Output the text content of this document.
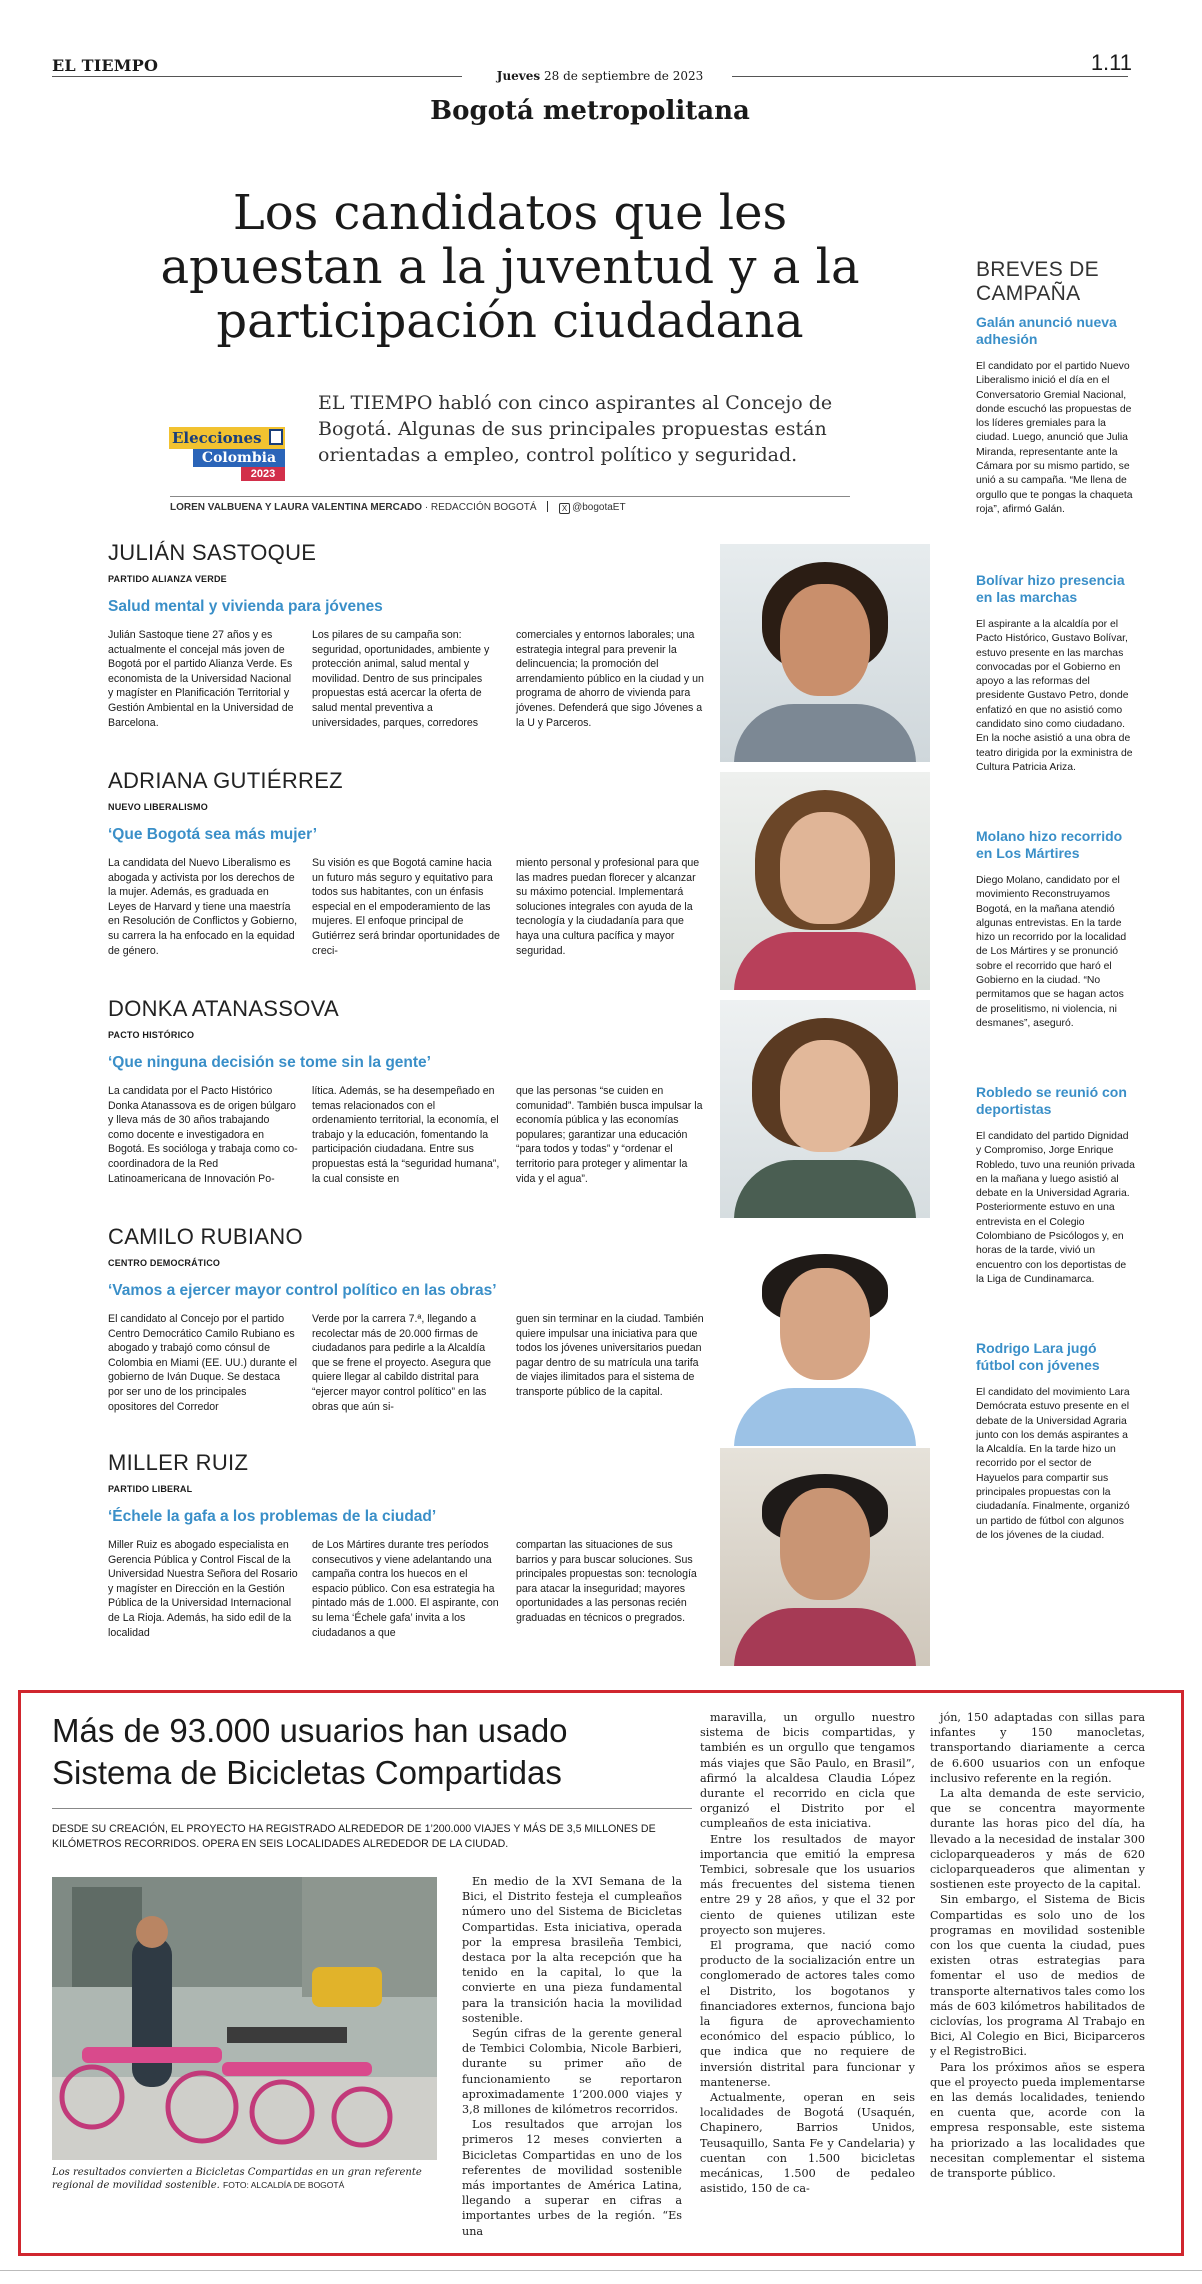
EL TIEMPO
Jueves 28 de septiembre de 2023
1.11
Bogotá metropolitana
Los candidatos que les apuestan a la juventud y a la participación ciudadana
Elecciones
Colombia
2023

EL TIEMPO habló con cinco aspirantes al Concejo de Bogotá. Algunas de sus principales propuestas están orientadas a empleo, control político y seguridad.

LOREN VALBUENA Y LAURA VALENTINA MERCADO · REDACCIÓN BOGOTÁ	X @bogotaET
JULIÁN SASTOQUE
PARTIDO ALIANZA VERDE
Salud mental y vivienda para jóvenes

Julián Sastoque tiene 27 años y es actualmente el concejal más joven de Bogotá por el partido Alianza Verde. Es economista de la Universidad Nacional y magíster en Planificación Territorial y Gestión Ambiental en la Universidad de Barcelona.

Los pilares de su campaña son: seguridad, oportunidades, ambiente y protección animal, salud mental y movilidad. Dentro de sus principales propuestas está acercar la oferta de salud mental preventiva a universidades, parques, corredores

comerciales y entornos laborales; una estrategia integral para prevenir la delincuencia; la promoción del arrendamiento público en la ciudad y un programa de ahorro de vivienda para jóvenes. Defenderá que sigo Jóvenes a la U y Parceros.

ADRIANA GUTIÉRREZ
NUEVO LIBERALISMO
‘Que Bogotá sea más mujer’

La candidata del Nuevo Liberalismo es abogada y activista por los derechos de la mujer. Además, es graduada en Leyes de Harvard y tiene una maestría en Resolución de Conflictos y Gobierno, su carrera la ha enfocado en la equidad de género.

Su visión es que Bogotá camine hacia un futuro más seguro y equitativo para todos sus habitantes, con un énfasis especial en el empoderamiento de las mujeres. El enfoque principal de Gutiérrez será brindar oportunidades de creci-

miento personal y profesional para que las madres puedan florecer y alcanzar su máximo potencial. Implementará soluciones integrales con ayuda de la tecnología y la ciudadanía para que haya una cultura pacífica y mayor seguridad.

DONKA ATANASSOVA
PACTO HISTÓRICO
‘Que ninguna decisión se tome sin la gente’

La candidata por el Pacto Histórico Donka Atanassova es de origen búlgaro y lleva más de 30 años trabajando como docente e investigadora en Bogotá. Es socióloga y trabaja como co-coordinadora de la Red Latinoamericana de Innovación Po-

lítica. Además, se ha desempeñado en temas relacionados con el ordenamiento territorial, la economía, el trabajo y la educación, fomentando la participación ciudadana. Entre sus propuestas está la “seguridad humana”, la cual consiste en

que las personas “se cuiden en comunidad”. También busca impulsar la economía pública y las economías populares; garantizar una educación “para todos y todas” y “ordenar el territorio para proteger y alimentar la vida y el agua”.

CAMILO RUBIANO
CENTRO DEMOCRÁTICO
‘Vamos a ejercer mayor control político en las obras’

El candidato al Concejo por el partido Centro Democrático Camilo Rubiano es abogado y trabajó como cónsul de Colombia en Miami (EE. UU.) durante el gobierno de Iván Duque. Se destaca por ser uno de los principales opositores del Corredor

Verde por la carrera 7.ª, llegando a recolectar más de 20.000 firmas de ciudadanos para pedirle a la Alcaldía que se frene el proyecto. Asegura que quiere llegar al cabildo distrital para “ejercer mayor control político” en las obras que aún si-

guen sin terminar en la ciudad. También quiere impulsar una iniciativa para que todos los jóvenes universitarios puedan pagar dentro de su matrícula una tarifa de viajes ilimitados para el sistema de transporte público de la capital.

MILLER RUIZ
PARTIDO LIBERAL
‘Échele la gafa a los problemas de la ciudad’

Miller Ruiz es abogado especialista en Gerencia Pública y Control Fiscal de la Universidad Nuestra Señora del Rosario y magíster en Dirección en la Gestión Pública de la Universidad Internacional de La Rioja. Además, ha sido edil de la localidad

de Los Mártires durante tres períodos consecutivos y viene adelantando una campaña contra los huecos en el espacio público. Con esa estrategia ha pintado más de 1.000. El aspirante, con su lema ‘Échele gafa’ invita a los ciudadanos a que

compartan las situaciones de sus barrios y para buscar soluciones. Sus principales propuestas son: tecnología para atacar la inseguridad; mayores oportunidades a las personas recién graduadas en técnicos o pregrados.

BREVES DE CAMPAÑA
Galán anunció nueva adhesión

El candidato por el partido Nuevo Liberalismo inició el día en el Conversatorio Gremial Nacional, donde escuchó las propuestas de los líderes gremiales para la ciudad. Luego, anunció que Julia Miranda, representante ante la Cámara por su mismo partido, se unió a su campaña. “Me llena de orgullo que te pongas la chaqueta roja”, afirmó Galán.

Bolívar hizo presencia en las marchas

El aspirante a la alcaldía por el Pacto Histórico, Gustavo Bolívar, estuvo presente en las marchas convocadas por el Gobierno en apoyo a las reformas del presidente Gustavo Petro, donde enfatizó en que no asistió como candidato sino como ciudadano. En la noche asistió a una obra de teatro dirigida por la exministra de Cultura Patricia Ariza.

Molano hizo recorrido en Los Mártires

Diego Molano, candidato por el movimiento Reconstruyamos Bogotá, en la mañana atendió algunas entrevistas. En la tarde hizo un recorrido por la localidad de Los Mártires y se pronunció sobre el recorrido que haró el Gobierno en la ciudad. “No permitamos que se hagan actos de proselitismo, ni violencia, ni desmanes”, aseguró.

Robledo se reunió con deportistas

El candidato del partido Dignidad y Compromiso, Jorge Enrique Robledo, tuvo una reunión privada en la mañana y luego asistió al debate en la Universidad Agraria. Posteriormente estuvo en una entrevista en el Colegio Colombiano de Psicólogos y, en horas de la tarde, vivió un encuentro con los deportistas de la Liga de Cundinamarca.

Rodrigo Lara jugó fútbol con jóvenes

El candidato del movimiento Lara Demócrata estuvo presente en el debate de la Universidad Agraria junto con los demás aspirantes a la Alcaldía. En la tarde hizo un recorrido por el sector de Hayuelos para compartir sus principales propuestas con la ciudadanía. Finalmente, organizó un partido de fútbol con algunos de los jóvenes de la ciudad.

Más de 93.000 usuarios han usado Sistema de Bicicletas Compartidas

DESDE SU CREACIÓN, EL PROYECTO HA REGISTRADO ALREDEDOR DE 1’200.000 VIAJES Y MÁS DE 3,5 MILLONES DE KILÓMETROS RECORRIDOS. OPERA EN SEIS LOCALIDADES ALREDEDOR DE LA CIUDAD.

Los resultados convierten a Bicicletas Compartidas en un gran referente regional de movilidad sostenible. FOTO: ALCALDÍA DE BOGOTÁ

En medio de la XVI Semana de la Bici, el Distrito festeja el cumpleaños número uno del Sistema de Bicicletas Compartidas. Esta iniciativa, operada por la empresa brasileña Tembici, destaca por la alta recepción que ha tenido en la capital, lo que la convierte en una pieza fundamental para la transición hacia la movilidad sostenible.

Según cifras de la gerente general de Tembici Colombia, Nicole Barbieri, durante su primer año de funcionamiento se reportaron aproximadamente 1’200.000 viajes y 3,8 millones de kilómetros recorridos.

Los resultados que arrojan los primeros 12 meses convierten a Bicicletas Compartidas en uno de los referentes de movilidad sostenible más importantes de América Latina, llegando a superar en cifras a importantes urbes de la región. “Es una

maravilla, un orgullo nuestro sistema de bicis compartidas, y también es un orgullo que tengamos más viajes que São Paulo, en Brasil”, afirmó la alcaldesa Claudia López durante el recorrido en cicla que organizó el Distrito por el cumpleaños de esta iniciativa.

Entre los resultados de mayor importancia que emitió la empresa Tembici, sobresale que los usuarios más frecuentes del sistema tienen entre 29 y 28 años, y que el 32 por ciento de quienes utilizan este proyecto son mujeres.

El programa, que nació como producto de la socialización entre un conglomerado de actores tales como el Distrito, los bogotanos y financiadores externos, funciona bajo la figura de aprovechamiento económico del espacio público, lo que indica que no requiere de inversión distrital para funcionar y mantenerse.

Actualmente, operan en seis localidades de Bogotá (Usaquén, Chapinero, Barrios Unidos, Teusaquillo, Santa Fe y Candelaria) y cuentan con 1.500 bicicletas mecánicas, 1.500 de pedaleo asistido, 150 de ca-

jón, 150 adaptadas con sillas para infantes y 150 manocletas, transportando diariamente a cerca de 6.600 usuarios con un enfoque inclusivo referente en la región.

La alta demanda de este servicio, que se concentra mayormente durante las horas pico del día, ha llevado a la necesidad de instalar 300 cicloparqueaderos y más de 620 cicloparqueaderos que alimentan y sostienen este proyecto de la capital.

Sin embargo, el Sistema de Bicis Compartidas es solo uno de los programas en movilidad sostenible con los que cuenta la ciudad, pues existen otras estrategias para fomentar el uso de medios de transporte alternativos tales como los más de 603 kilómetros habilitados de ciclovías, los programa Al Trabajo en Bici, Al Colegio en Bici, Biciparceros y el RegistroBici.

Para los próximos años se espera que el proyecto pueda implementarse en las demás localidades, teniendo en cuenta que, acorde con la empresa responsable, este sistema ha priorizado a las localidades que necesitan complementar el sistema de transporte público.
